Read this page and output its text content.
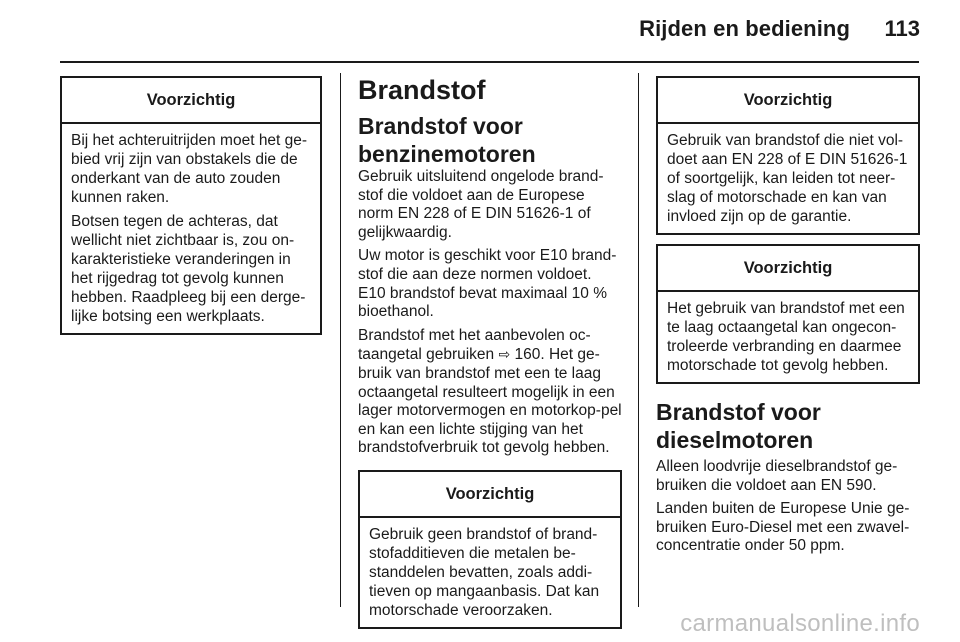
Rijden en bediening 113
Voorzichtig

Bij het achteruitrijden moet het ge-bied vrij zijn van obstakels die de onderkant van de auto zouden kunnen raken.

Botsen tegen de achteras, dat wellicht niet zichtbaar is, zou on-karakteristieke veranderingen in het rijgedrag tot gevolg kunnen hebben. Raadpleeg bij een derge-lijke botsing een werkplaats.

Brandstof
Brandstof voor benzinemotoren

Gebruik uitsluitend ongelode brand-stof die voldoet aan de Europese norm EN 228 of E DIN 51626-1 of gelijkwaardig.

Uw motor is geschikt voor E10 brand-stof die aan deze normen voldoet. E10 brandstof bevat maximaal 10 % bioethanol.

Brandstof met het aanbevolen oc-taangetal gebruiken ⇨ 160. Het ge-bruik van brandstof met een te laag octaangetal resulteert mogelijk in een lager motorvermogen en motorkop-pel en kan een lichte stijging van het brandstofverbruik tot gevolg hebben.

Voorzichtig

Gebruik geen brandstof of brand-stofadditieven die metalen be-standdelen bevatten, zoals addi-tieven op mangaanbasis. Dat kan motorschade veroorzaken.

Voorzichtig

Gebruik van brandstof die niet vol-doet aan EN 228 of E DIN 51626-1 of soortgelijk, kan leiden tot neer-slag of motorschade en kan van invloed zijn op de garantie.

Voorzichtig

Het gebruik van brandstof met een te laag octaangetal kan ongecon-troleerde verbranding en daarmee motorschade tot gevolg hebben.

Brandstof voor dieselmotoren

Alleen loodvrije dieselbrandstof ge-bruiken die voldoet aan EN 590.

Landen buiten de Europese Unie ge-bruiken Euro-Diesel met een zwavel-concentratie onder 50 ppm.

carmanualsonline.info
